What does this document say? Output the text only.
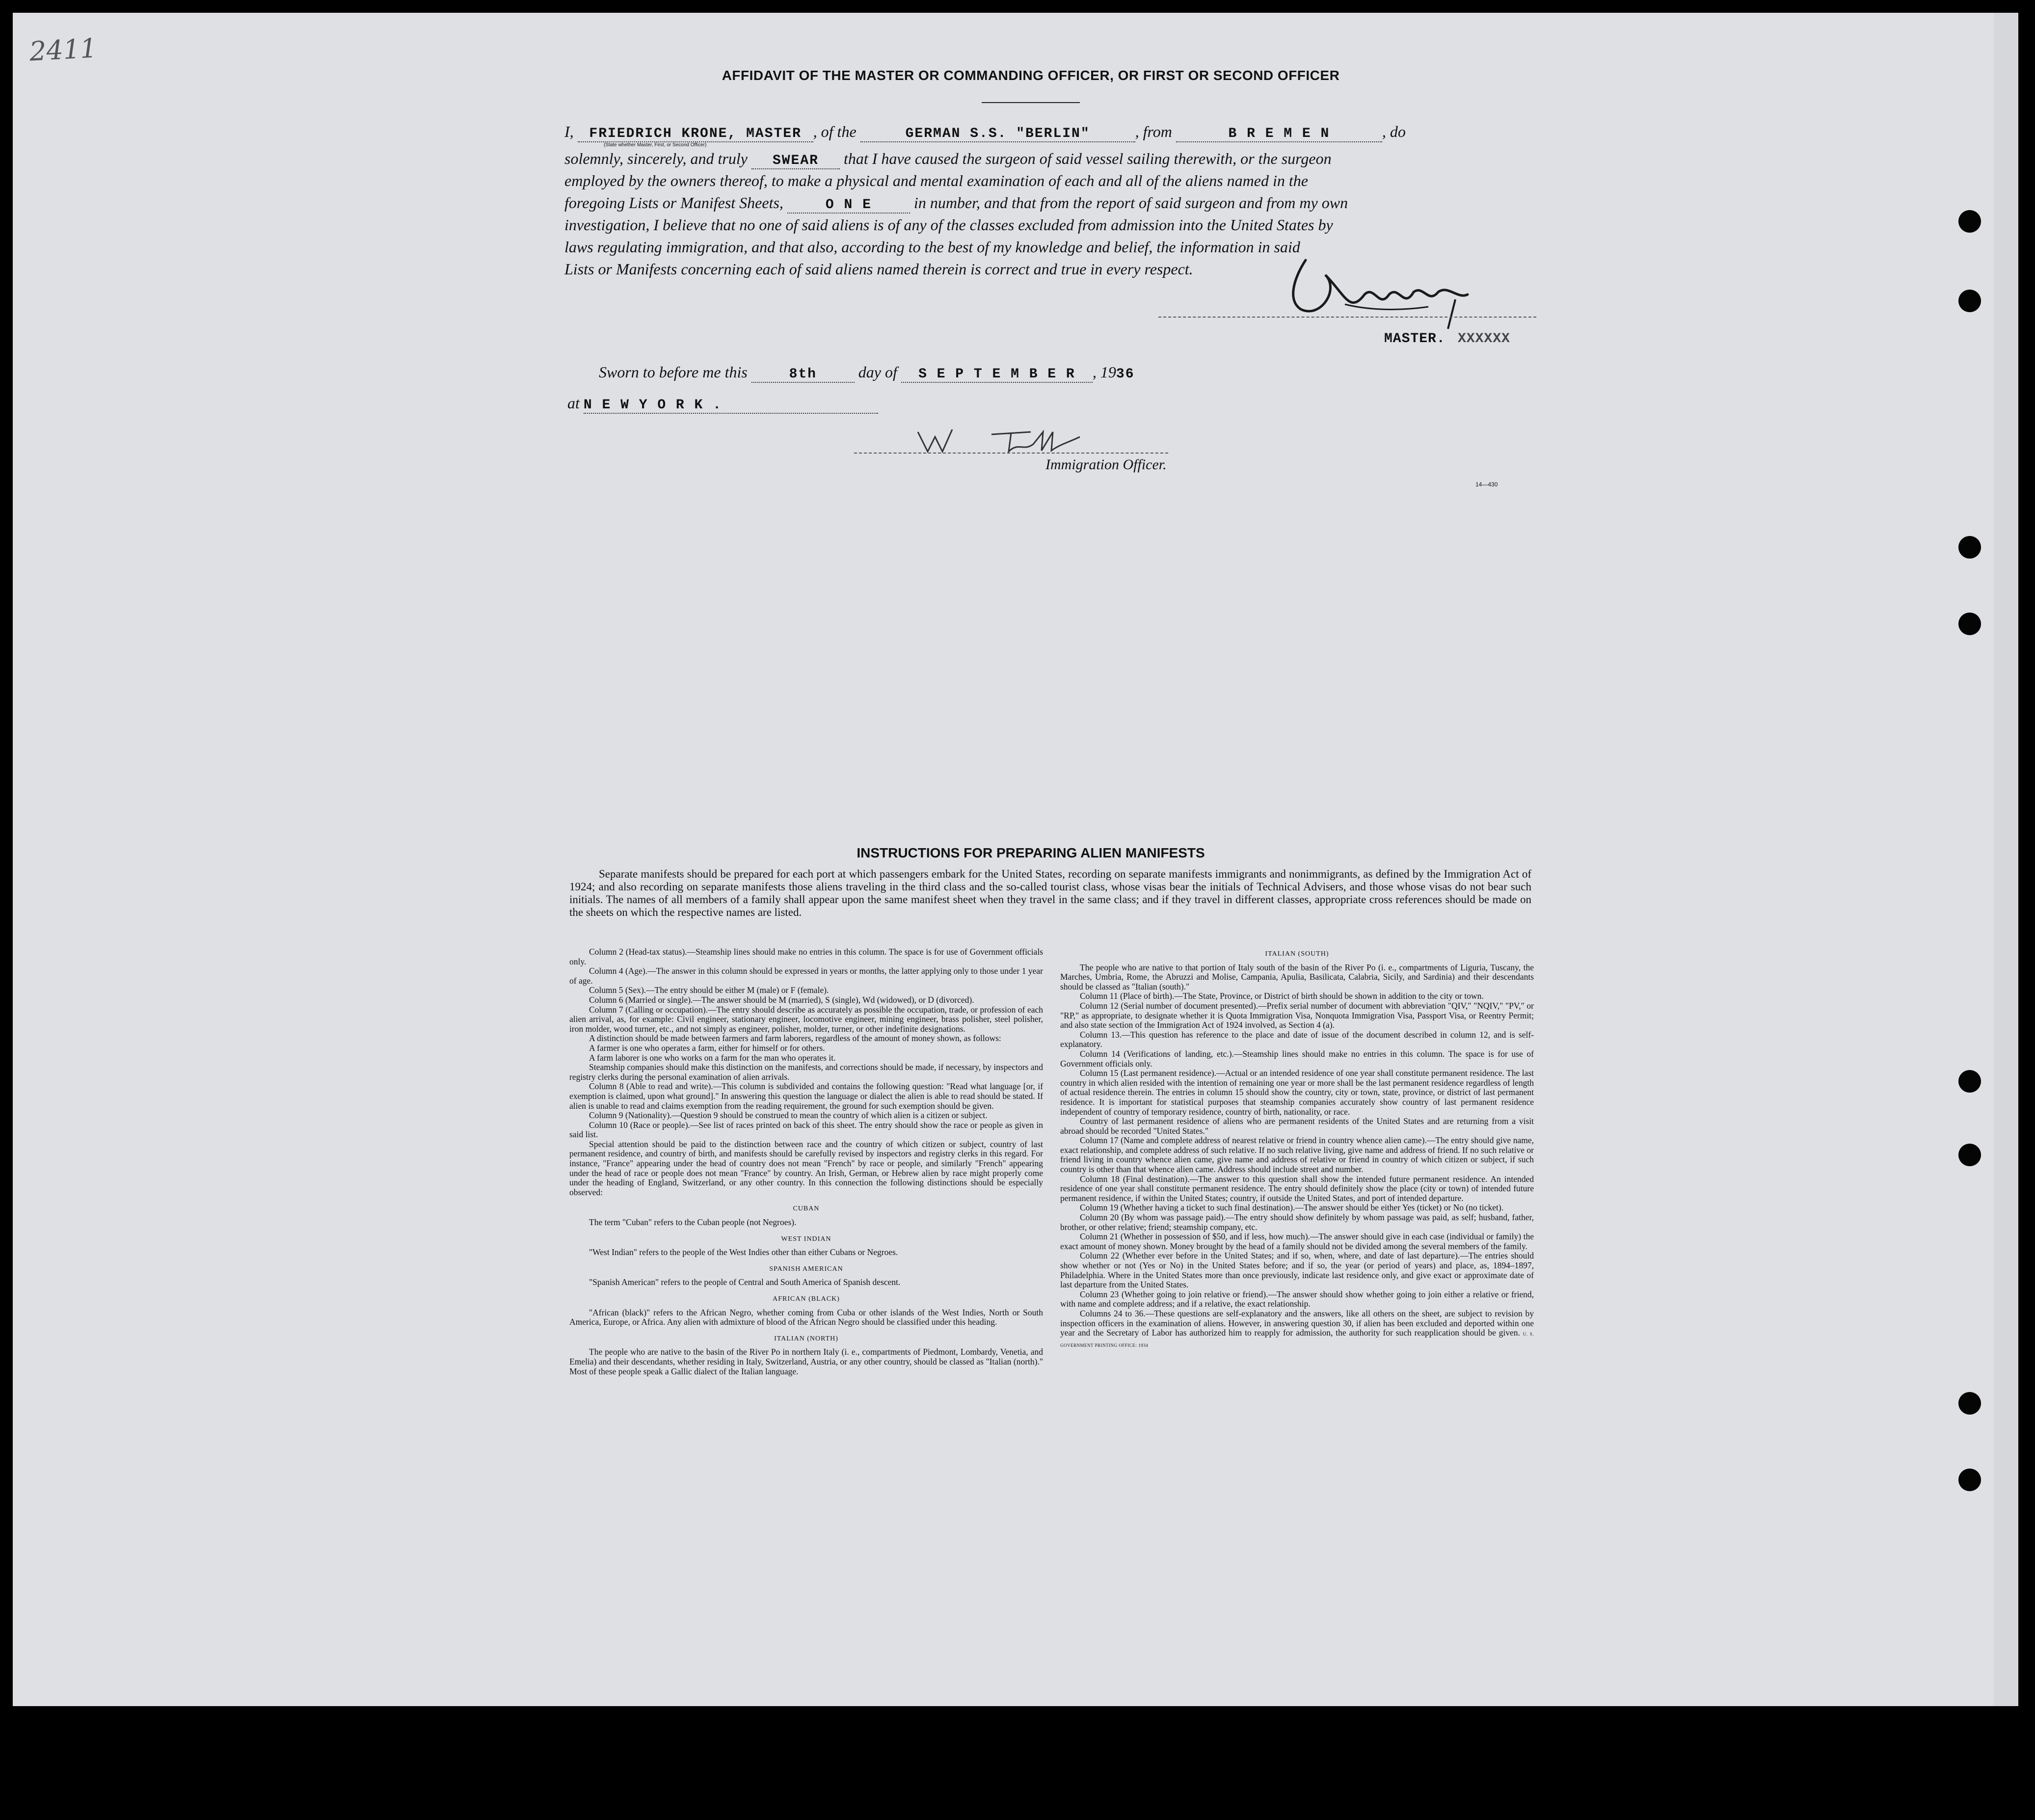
2411
AFFIDAVIT OF THE MASTER OR COMMANDING OFFICER, OR FIRST OR SECOND OFFICER
I, FRIEDRICH KRONE, MASTER , of the	GERMAN S.S. "BERLIN"	, from	B R E M E N	, do
(State whether Master, First, or Second Officer)
solemnly, sincerely, and truly SWEAR that I have caused the surgeon of said vessel sailing therewith, or the surgeon
employed by the owners thereof, to make a physical and mental examination of each and all of the aliens named in the
foregoing Lists or Manifest Sheets,	O N E	in number, and that from the report of said surgeon and from my own
investigation, I believe that no one of said aliens is of any of the classes excluded from admission into the United States by
laws regulating immigration, and that also, according to the best of my knowledge and belief, the information in said
Lists or Manifests concerning each of said aliens named therein is correct and true in every respect.
MASTER. XXXXXX
Sworn to before me this	8th	day of S E P T E M B E R , 1936
at N E W Y O R K .
Immigration Officer.
14—430
INSTRUCTIONS FOR PREPARING ALIEN MANIFESTS
Separate manifests should be prepared for each port at which passengers embark for the United States, recording on separate manifests immigrants and nonimmigrants, as defined by the Immigration Act of 1924; and also recording on separate manifests those aliens traveling in the third class and the so-called tourist class, whose visas bear the initials of Technical Advisers, and those whose visas do not bear such initials. The names of all members of a family shall appear upon the same manifest sheet when they travel in the same class; and if they travel in different classes, appropriate cross references should be made on the sheets on which the respective names are listed.

Column 2 (Head-tax status).—Steamship lines should make no entries in this column. The space is for use of Government officials only.

Column 4 (Age).—The answer in this column should be expressed in years or months, the latter applying only to those under 1 year of age.

Column 5 (Sex).—The entry should be either M (male) or F (female).

Column 6 (Married or single).—The answer should be M (married), S (single), Wd (widowed), or D (divorced).

Column 7 (Calling or occupation).—The entry should describe as accurately as possible the occupation, trade, or profession of each alien arrival, as, for example: Civil engineer, stationary engineer, locomotive engineer, mining engineer, brass polisher, steel polisher, iron molder, wood turner, etc., and not simply as engineer, polisher, molder, turner, or other indefinite designations.

A distinction should be made between farmers and farm laborers, regardless of the amount of money shown, as follows:

A farmer is one who operates a farm, either for himself or for others.

A farm laborer is one who works on a farm for the man who operates it.

Steamship companies should make this distinction on the manifests, and corrections should be made, if necessary, by inspectors and registry clerks during the personal examination of alien arrivals.

Column 8 (Able to read and write).—This column is subdivided and contains the following question: "Read what language [or, if exemption is claimed, upon what ground]." In answering this question the language or dialect the alien is able to read should be stated. If alien is unable to read and claims exemption from the reading requirement, the ground for such exemption should be given.

Column 9 (Nationality).—Question 9 should be construed to mean the country of which alien is a citizen or subject.

Column 10 (Race or people).—See list of races printed on back of this sheet. The entry should show the race or people as given in said list.

Special attention should be paid to the distinction between race and the country of which citizen or subject, country of last permanent residence, and country of birth, and manifests should be carefully revised by inspectors and registry clerks in this regard. For instance, "France" appearing under the head of country does not mean "French" by race or people, and similarly "French" appearing under the head of race or people does not mean "France" by country. An Irish, German, or Hebrew alien by race might properly come under the heading of England, Switzerland, or any other country. In this connection the following distinctions should be especially observed:

CUBAN

The term "Cuban" refers to the Cuban people (not Negroes).

WEST INDIAN

"West Indian" refers to the people of the West Indies other than either Cubans or Negroes.

SPANISH AMERICAN

"Spanish American" refers to the people of Central and South America of Spanish descent.

AFRICAN (BLACK)

"African (black)" refers to the African Negro, whether coming from Cuba or other islands of the West Indies, North or South America, Europe, or Africa. Any alien with admixture of blood of the African Negro should be classified under this heading.

ITALIAN (NORTH)

The people who are native to the basin of the River Po in northern Italy (i. e., compartments of Piedmont, Lombardy, Venetia, and Emelia) and their descendants, whether residing in Italy, Switzerland, Austria, or any other country, should be classed as "Italian (north)." Most of these people speak a Gallic dialect of the Italian language.

ITALIAN (SOUTH)

The people who are native to that portion of Italy south of the basin of the River Po (i. e., compartments of Liguria, Tuscany, the Marches, Umbria, Rome, the Abruzzi and Molise, Campania, Apulia, Basilicata, Calabria, Sicily, and Sardinia) and their descendants should be classed as "Italian (south)."

Column 11 (Place of birth).—The State, Province, or District of birth should be shown in addition to the city or town.

Column 12 (Serial number of document presented).—Prefix serial number of document with abbreviation "QIV," "NQIV," "PV," or "RP," as appropriate, to designate whether it is Quota Immigration Visa, Nonquota Immigration Visa, Passport Visa, or Reentry Permit; and also state section of the Immigration Act of 1924 involved, as Section 4 (a).

Column 13.—This question has reference to the place and date of issue of the document described in column 12, and is self-explanatory.

Column 14 (Verifications of landing, etc.).—Steamship lines should make no entries in this column. The space is for use of Government officials only.

Column 15 (Last permanent residence).—Actual or an intended residence of one year shall constitute permanent residence. The last country in which alien resided with the intention of remaining one year or more shall be the last permanent residence regardless of length of actual residence therein. The entries in column 15 should show the country, city or town, state, province, or district of last permanent residence. It is important for statistical purposes that steamship companies accurately show country of last permanent residence independent of country of temporary residence, country of birth, nationality, or race.

Country of last permanent residence of aliens who are permanent residents of the United States and are returning from a visit abroad should be recorded "United States."

Column 17 (Name and complete address of nearest relative or friend in country whence alien came).—The entry should give name, exact relationship, and complete address of such relative. If no such relative living, give name and address of friend. If no such relative or friend living in country whence alien came, give name and address of relative or friend in country of which citizen or subject, if such country is other than that whence alien came. Address should include street and number.

Column 18 (Final destination).—The answer to this question shall show the intended future permanent residence. An intended residence of one year shall constitute permanent residence. The entry should definitely show the place (city or town) of intended future permanent residence, if within the United States; country, if outside the United States, and port of intended departure.

Column 19 (Whether having a ticket to such final destination).—The answer should be either Yes (ticket) or No (no ticket).

Column 20 (By whom was passage paid).—The entry should show definitely by whom passage was paid, as self; husband, father, brother, or other relative; friend; steamship company, etc.

Column 21 (Whether in possession of $50, and if less, how much).—The answer should give in each case (individual or family) the exact amount of money shown. Money brought by the head of a family should not be divided among the several members of the family.

Column 22 (Whether ever before in the United States; and if so, when, where, and date of last departure).—The entries should show whether or not (Yes or No) in the United States before; and if so, the year (or period of years) and place, as, 1894–1897, Philadelphia. Where in the United States more than once previously, indicate last residence only, and give exact or approximate date of last departure from the United States.

Column 23 (Whether going to join relative or friend).—The answer should show whether going to join either a relative or friend, with name and complete address; and if a relative, the exact relationship.

Columns 24 to 36.—These questions are self-explanatory and the answers, like all others on the sheet, are subject to revision by inspection officers in the examination of aliens. However, in answering question 30, if alien has been excluded and deported within one year and the Secretary of Labor has authorized him to reapply for admission, the authority for such reapplication should be given. U. S. GOVERNMENT PRINTING OFFICE: 1934
